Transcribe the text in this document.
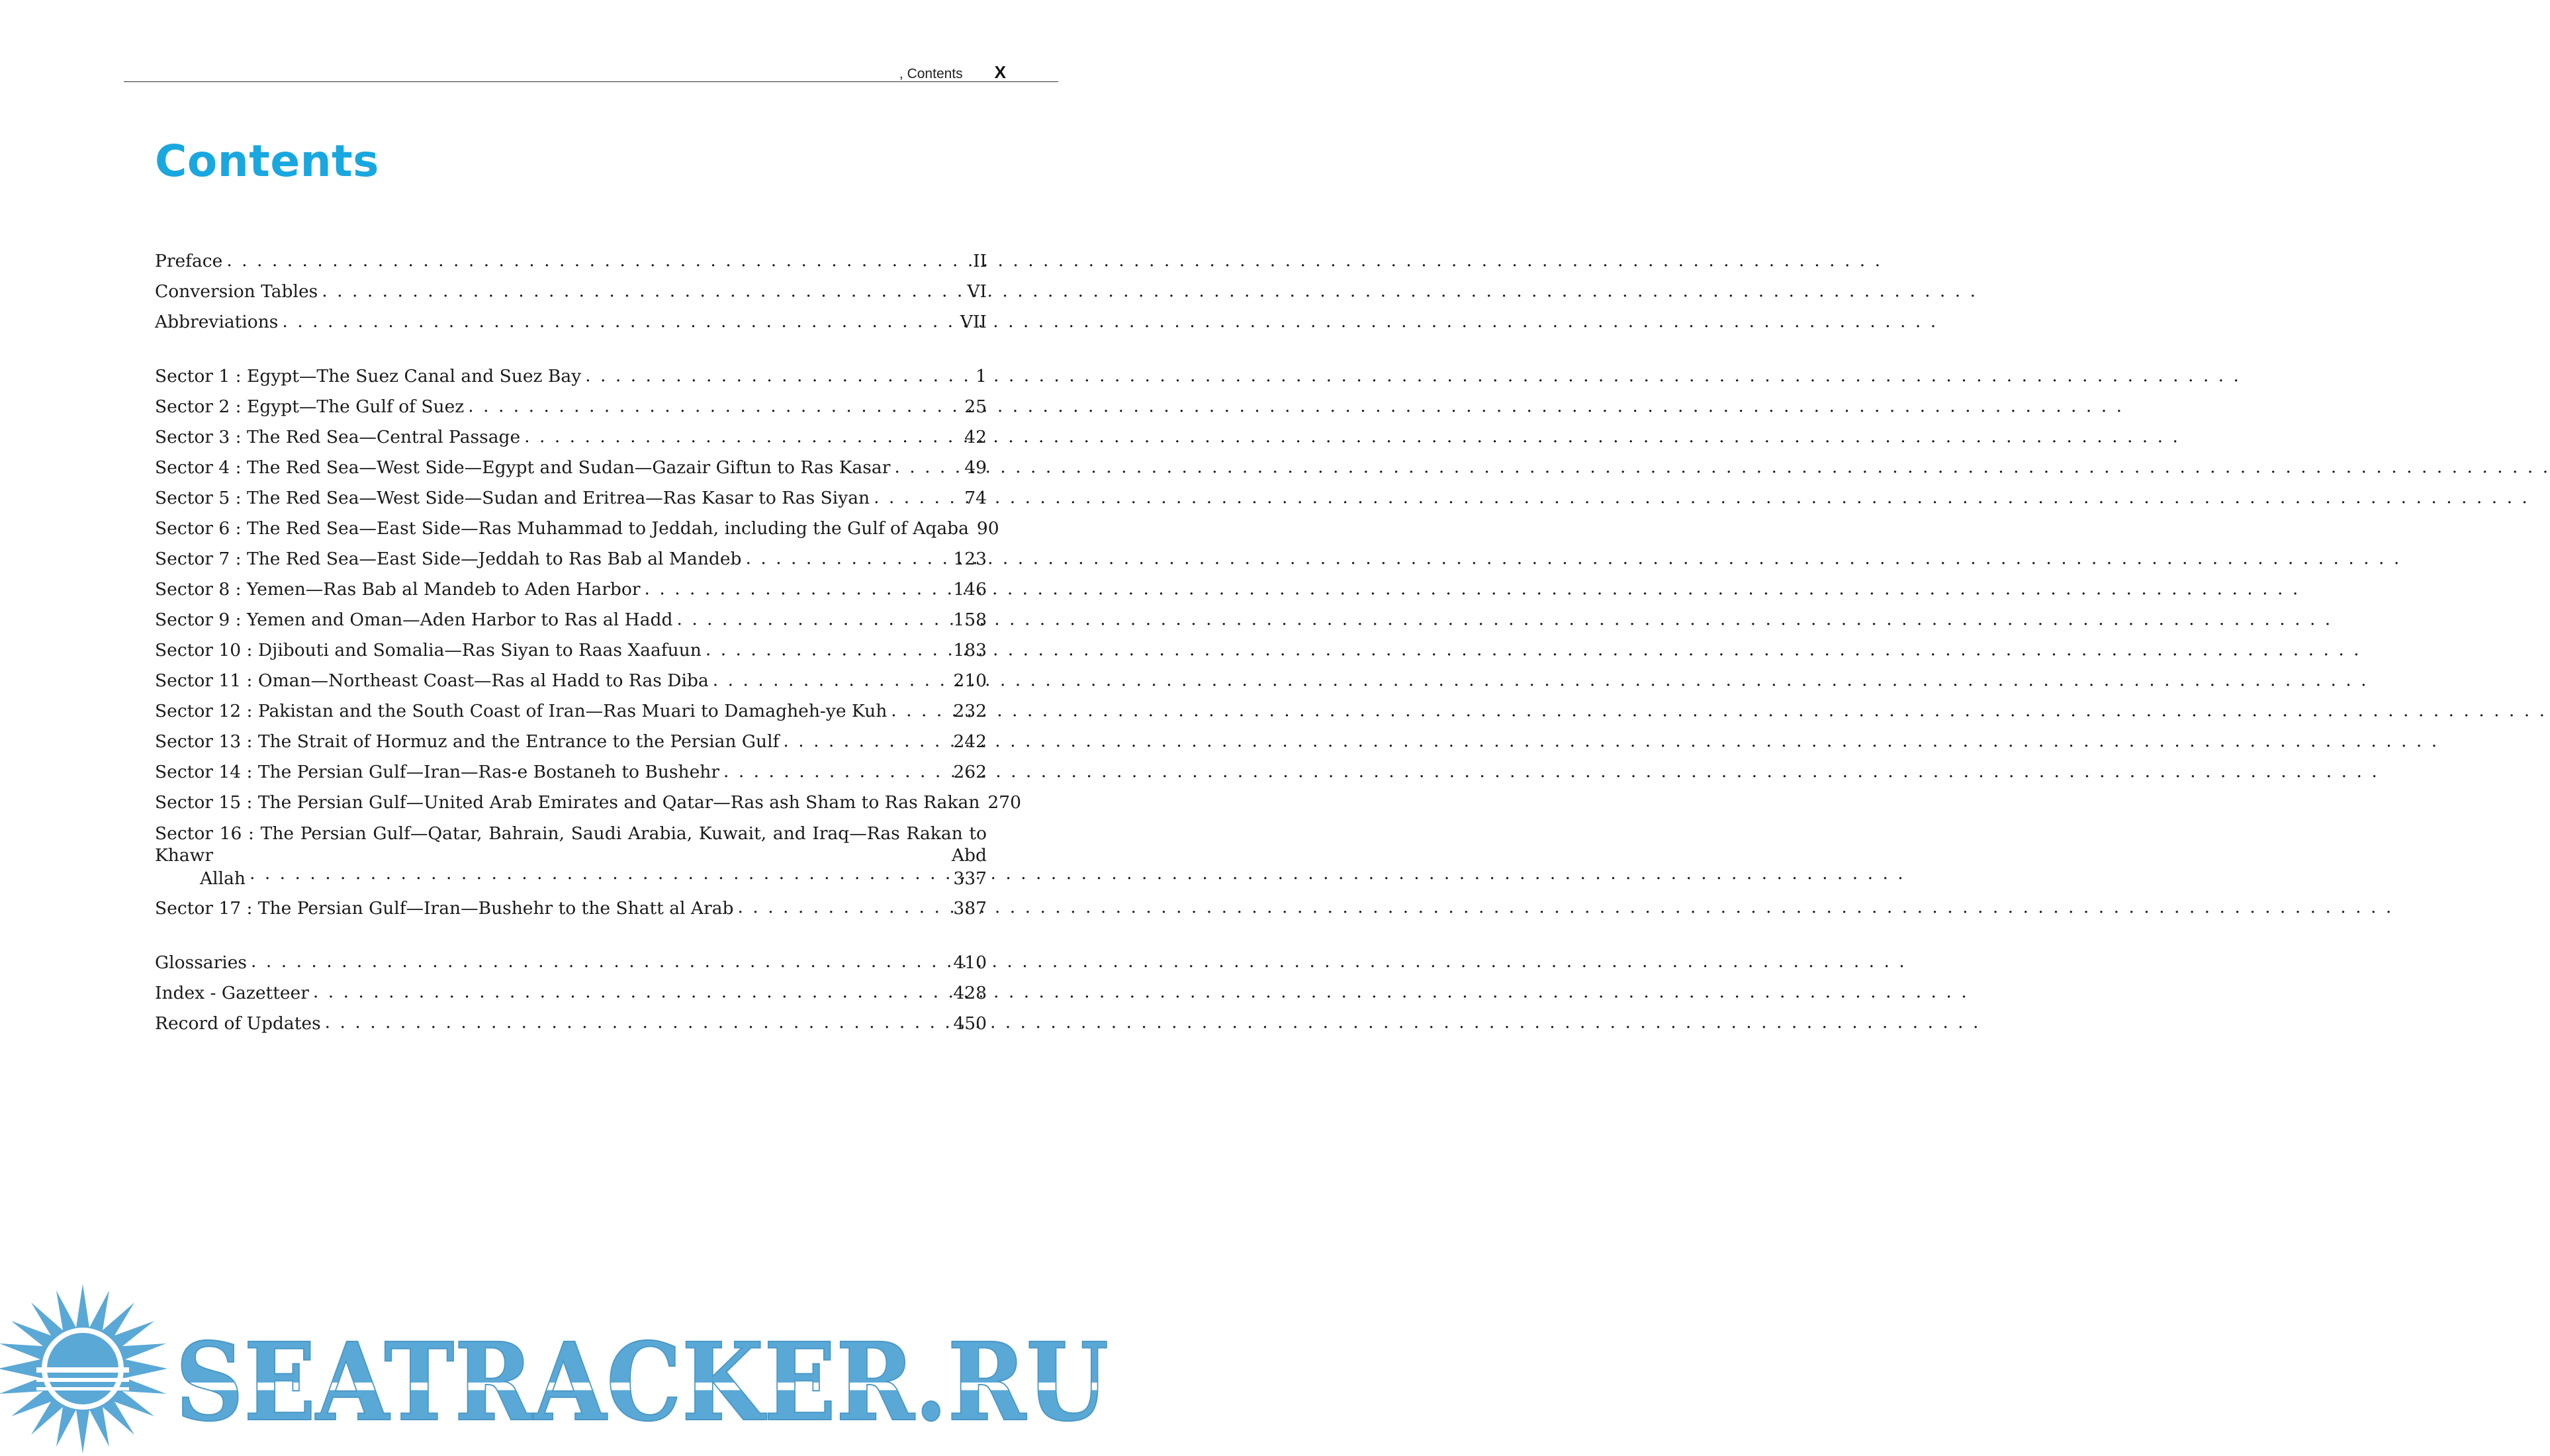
, Contents X
Contents
Preface . . .	II
Conversion Tables . . .	VI
Abbreviations . . .	VII
Sector 1 : Egypt—The Suez Canal and Suez Bay . . .	1
Sector 2 : Egypt—The Gulf of Suez . . .	25
Sector 3 : The Red Sea—Central Passage . . .	42
Sector 4 : The Red Sea—West Side—Egypt and Sudan—Gazair Giftun to Ras Kasar . . .	49
Sector 5 : The Red Sea—West Side—Sudan and Eritrea—Ras Kasar to Ras Siyan . . .	74
Sector 6 : The Red Sea—East Side—Ras Muhammad to Jeddah, including the Gulf of Aqaba 90
Sector 7 : The Red Sea—East Side—Jeddah to Ras Bab al Mandeb . . .	123
Sector 8 : Yemen—Ras Bab al Mandeb to Aden Harbor . . .	146
Sector 9 : Yemen and Oman—Aden Harbor to Ras al Hadd . . .	158
Sector 10 : Djibouti and Somalia—Ras Siyan to Raas Xaafuun . . .	183
Sector 11 : Oman—Northeast Coast—Ras al Hadd to Ras Diba . . .	210
Sector 12 : Pakistan and the South Coast of Iran—Ras Muari to Damagheh-ye Kuh . . .	232
Sector 13 : The Strait of Hormuz and the Entrance to the Persian Gulf . . .	242
Sector 14 : The Persian Gulf—Iran—Ras-e Bostaneh to Bushehr . . .	262
Sector 15 : The Persian Gulf—United Arab Emirates and Qatar—Ras ash Sham to Ras Rakan 270
Sector 16 : The Persian Gulf—Qatar, Bahrain, Saudi Arabia, Kuwait, and Iraq—Ras Rakan to Khawr Abd
Allah . . .	337
Sector 17 : The Persian Gulf—Iran—Bushehr to the Shatt al Arab . . .	387
Glossaries . . .	410
Index - Gazetteer . . .	428
Record of Updates . . .	450
SEATRACKER.RU
